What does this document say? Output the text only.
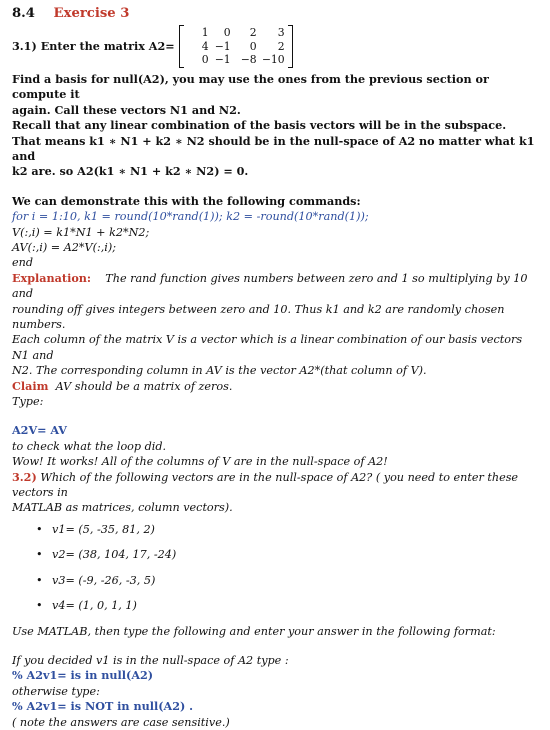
8.4 Exercise 3
3.1) Enter the matrix A2=
1	0	2	3
4 −1	0	2
0 −1 −8 −10

Find a basis for null(A2), you may use the ones from the previous section or compute it

again. Call these vectors N1 and N2.

Recall that any linear combination of the basis vectors will be in the subspace.

That means k1 ∗ N1 + k2 ∗ N2 should be in the null-space of A2 no matter what k1 and

k2 are. so A2(k1 ∗ N1 + k2 ∗ N2) = 0.

We can demonstrate this with the following commands:

for i = 1:10, k1 = round(10*rand(1)); k2 = -round(10*rand(1));

V(:,i) = k1*N1 + k2*N2;

AV(:,i) = A2*V(:,i);

end

Explanation: The rand function gives numbers between zero and 1 so multiplying by 10 and

rounding off gives integers between zero and 10. Thus k1 and k2 are randomly chosen numbers.

Each column of the matrix V is a vector which is a linear combination of our basis vectors N1 and

N2. The corresponding column in AV is the vector A2*(that column of V).

Claim AV should be a matrix of zeros.

Type:

A2V= AV

to check what the loop did.

Wow! It works! All of the columns of V are in the null-space of A2!

3.2) Which of the following vectors are in the null-space of A2? ( you need to enter these vectors in

MATLAB as matrices, column vectors).

• v1= (5, -35, 81, 2)
• v2= (38, 104, 17, -24)
• v3= (-9, -26, -3, 5)
• v4= (1, 0, 1, 1)

Use MATLAB, then type the following and enter your answer in the following format:

If you decided v1 is in the null-space of A2 type :

% A2v1= is in null(A2)

otherwise type:

% A2v1= is NOT in null(A2) .

( note the answers are case sensitive.)
